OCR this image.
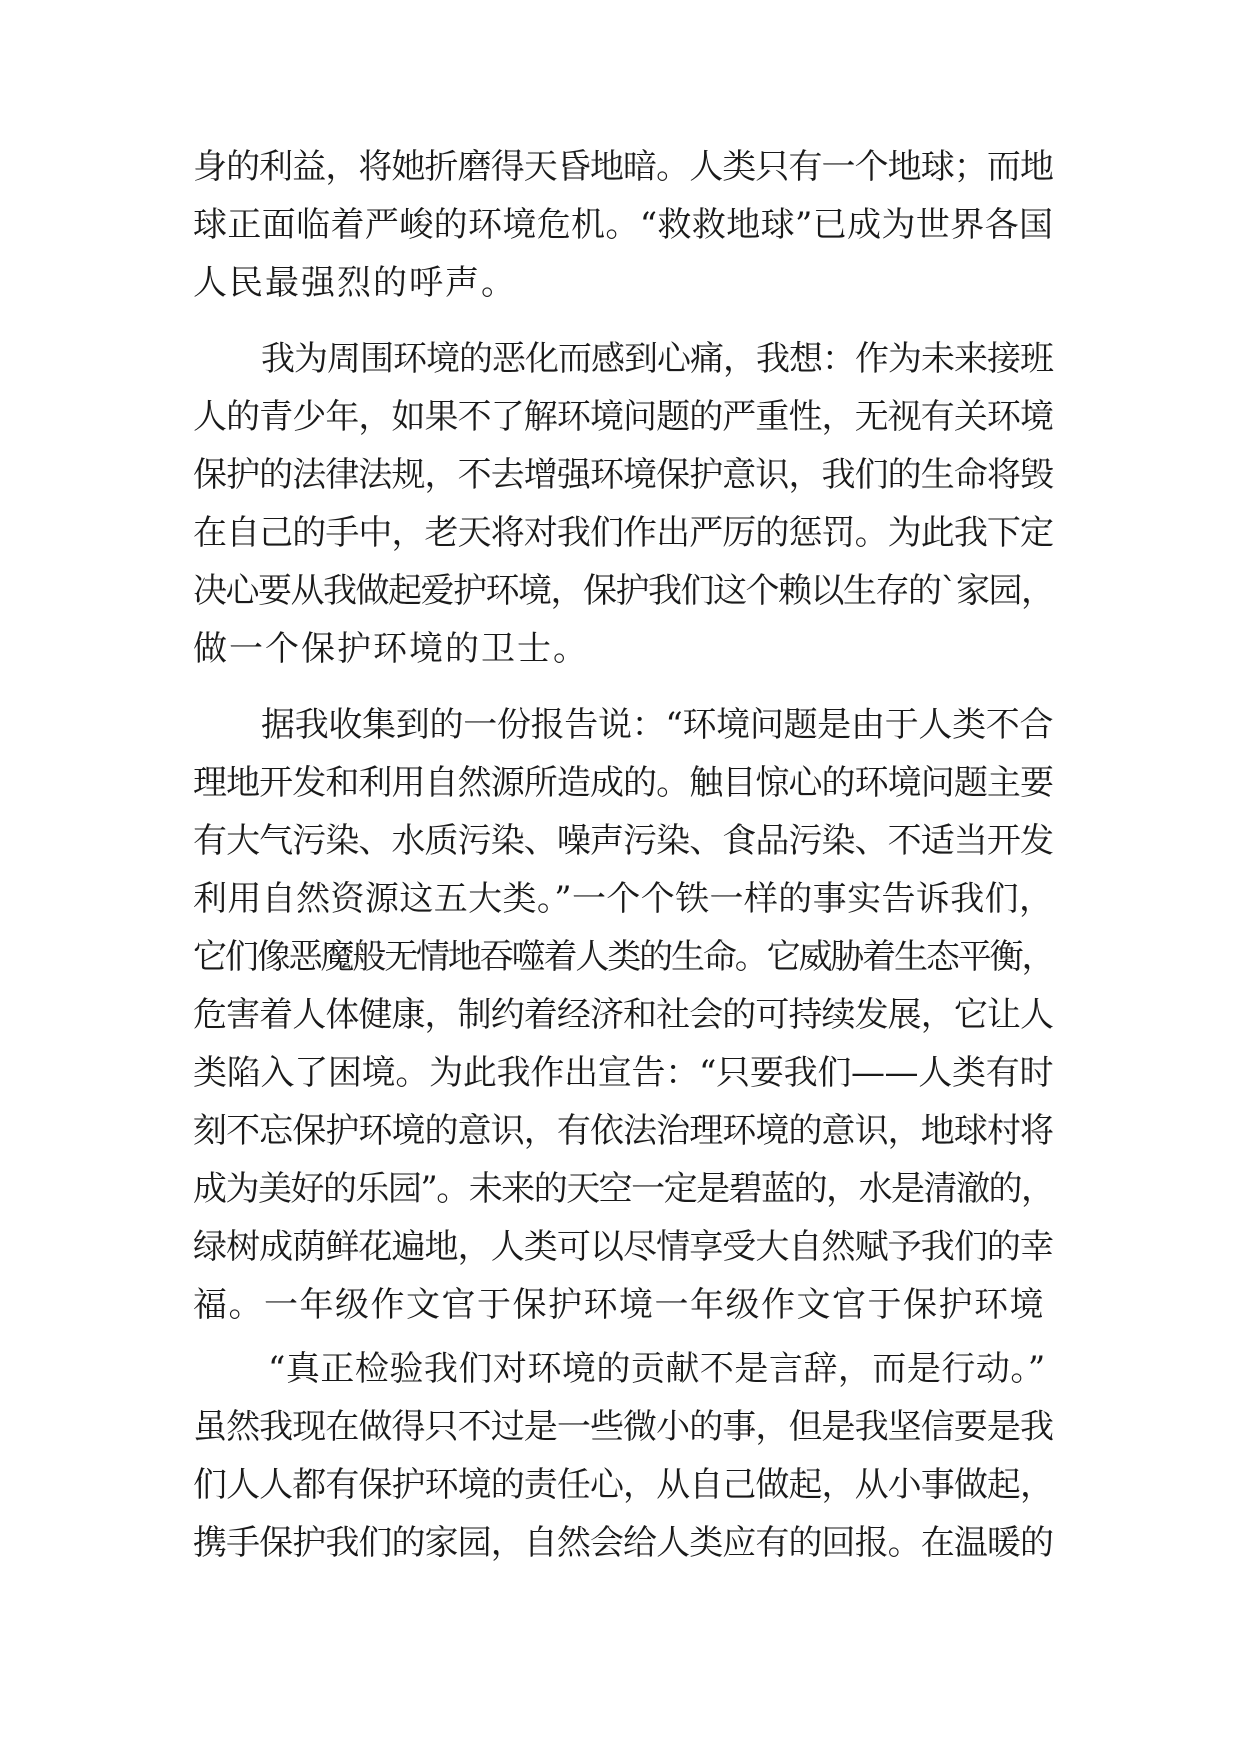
身的利益，将她折磨得天昏地暗。人类只有一个地球；而地
球正面临着严峻的环境危机。“救救地球”已成为世界各国
人民最强烈的呼声。
我为周围环境的恶化而感到心痛，我想：作为未来接班
人的青少年，如果不了解环境问题的严重性，无视有关环境
保护的法律法规，不去增强环境保护意识，我们的生命将毁
在自己的手中，老天将对我们作出严厉的惩罚。为此我下定
决心要从我做起爱护环境，保护我们这个赖以生存的`家园，
做一个保护环境的卫士。
据我收集到的一份报告说：“环境问题是由于人类不合
理地开发和利用自然源所造成的。触目惊心的环境问题主要
有大气污染、水质污染、噪声污染、食品污染、不适当开发
利用自然资源这五大类。”一个个铁一样的事实告诉我们，
它们像恶魔般无情地吞噬着人类的生命。它威胁着生态平衡，
危害着人体健康，制约着经济和社会的可持续发展，它让人
类陷入了困境。为此我作出宣告：“只要我们——人类有时
刻不忘保护环境的意识，有依法治理环境的意识，地球村将
成为美好的乐园”。未来的天空一定是碧蓝的，水是清澈的，
绿树成荫鲜花遍地，人类可以尽情享受大自然赋予我们的幸
福。一年级作文官于保护环境一年级作文官于保护环境
“真正检验我们对环境的贡献不是言辞，而是行动。”
虽然我现在做得只不过是一些微小的事，但是我坚信要是我
们人人都有保护环境的责任心，从自己做起，从小事做起，
携手保护我们的家园，自然会给人类应有的回报。在温暖的
